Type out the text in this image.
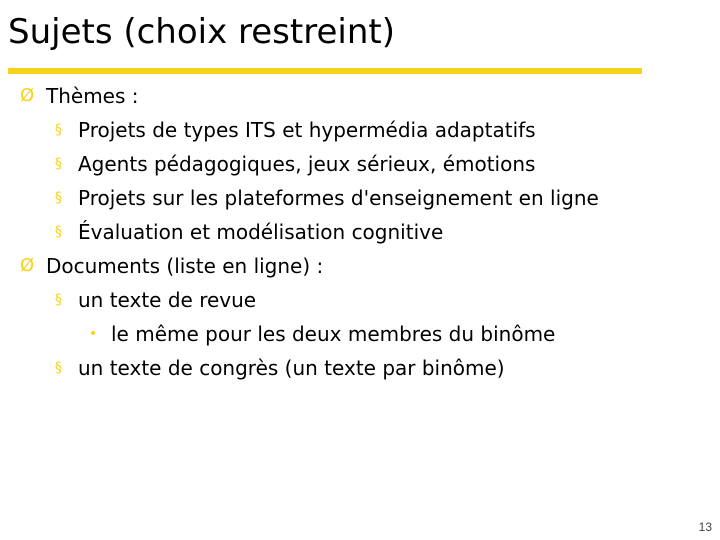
Sujets (choix restreint)
Ø Thèmes :
§ Projets de types ITS et hypermédia adaptatifs
§ Agents pédagogiques, jeux sérieux, émotions
§ Projets sur les plateformes d'enseignement en ligne
§ Évaluation et modélisation cognitive
Ø Documents (liste en ligne) :
§ un texte de revue
• le même pour les deux membres du binôme
§ un texte de congrès (un texte par binôme)
13
